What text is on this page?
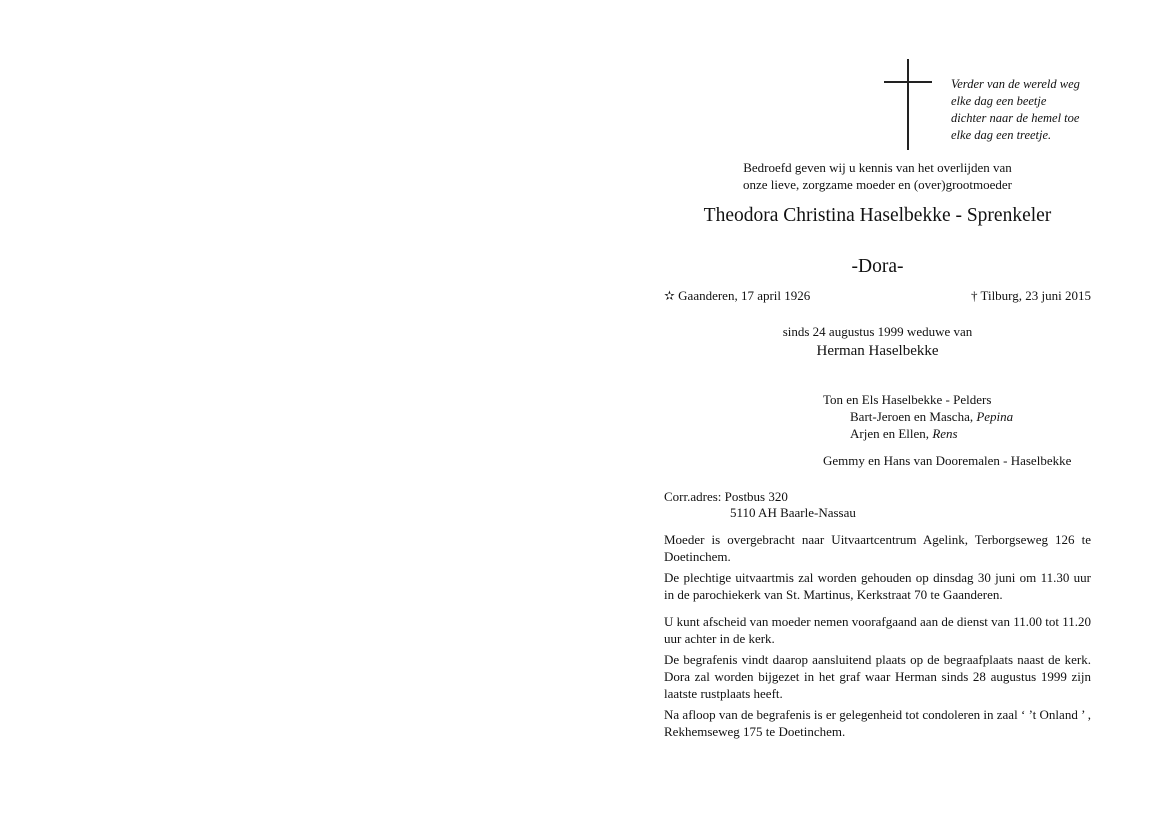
Verder van de wereld weg
elke dag een beetje
dichter naar de hemel toe
elke dag een treetje.
Bedroefd geven wij u kennis van het overlijden van
onze lieve, zorgzame moeder en (over)grootmoeder
Theodora Christina Haselbekke - Sprenkeler
-Dora-
✫ Gaanderen, 17 april 1926	† Tilburg, 23 juni 2015
sinds 24 augustus 1999 weduwe van
Herman Haselbekke
Ton en Els Haselbekke - Pelders
Bart-Jeroen en Mascha, Pepina
Arjen en Ellen, Rens
Gemmy en Hans van Dooremalen - Haselbekke
Corr.adres: Postbus 320
5110 AH Baarle-Nassau
Moeder is overgebracht naar Uitvaartcentrum Agelink, Terborgseweg 126 te Doetinchem.
De plechtige uitvaartmis zal worden gehouden op dinsdag 30 juni om 11.30 uur in de parochiekerk van St. Martinus, Kerkstraat 70 te Gaanderen.
U kunt afscheid van moeder nemen voorafgaand aan de dienst van 11.00 tot 11.20 uur achter in de kerk.
De begrafenis vindt daarop aansluitend plaats op de begraafplaats naast de kerk. Dora zal worden bijgezet in het graf waar Herman sinds 28 augustus 1999 zijn laatste rustplaats heeft.
Na afloop van de begrafenis is er gelegenheid tot condoleren in zaal ‘ ’t Onland ’ , Rekhemseweg 175 te Doetinchem.
